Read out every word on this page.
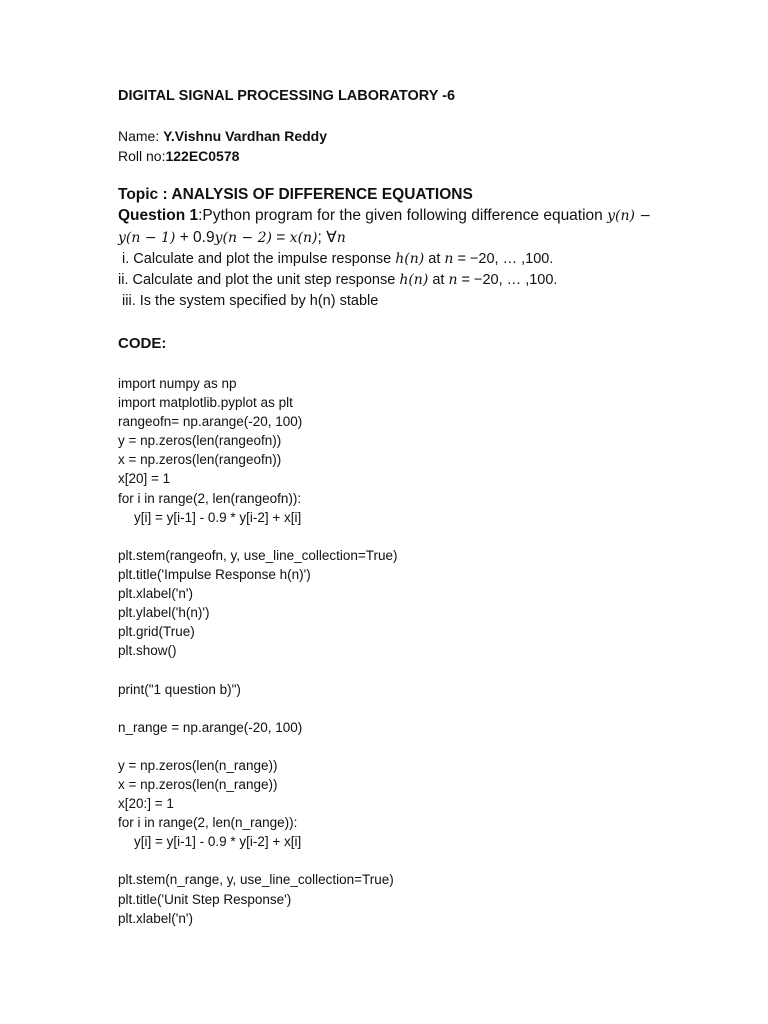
DIGITAL SIGNAL PROCESSING LABORATORY -6
Name: Y.Vishnu Vardhan Reddy
Roll no:122EC0578
Topic : ANALYSIS OF DIFFERENCE EQUATIONS
Question 1:Python program for the given following difference equation y(n) −
y(n − 1) + 0.9y(n − 2) = x(n); ∀n
i. Calculate and plot the impulse response h(n) at n = −20, … ,100.
ii. Calculate and plot the unit step response h(n) at n = −20, … ,100.
iii. Is the system specified by h(n) stable
CODE:
import numpy as np
import matplotlib.pyplot as plt
rangeofn= np.arange(-20, 100)
y = np.zeros(len(rangeofn))
x = np.zeros(len(rangeofn))
x[20] = 1
for i in range(2, len(rangeofn)):
y[i] = y[i-1] - 0.9 * y[i-2] + x[i]
plt.stem(rangeofn, y, use_line_collection=True)
plt.title('Impulse Response h(n)')
plt.xlabel('n')
plt.ylabel('h(n)')
plt.grid(True)
plt.show()
print("1 question b)")
n_range = np.arange(-20, 100)
y = np.zeros(len(n_range))
x = np.zeros(len(n_range))
x[20:] = 1
for i in range(2, len(n_range)):
y[i] = y[i-1] - 0.9 * y[i-2] + x[i]
plt.stem(n_range, y, use_line_collection=True)
plt.title('Unit Step Response')
plt.xlabel('n')
